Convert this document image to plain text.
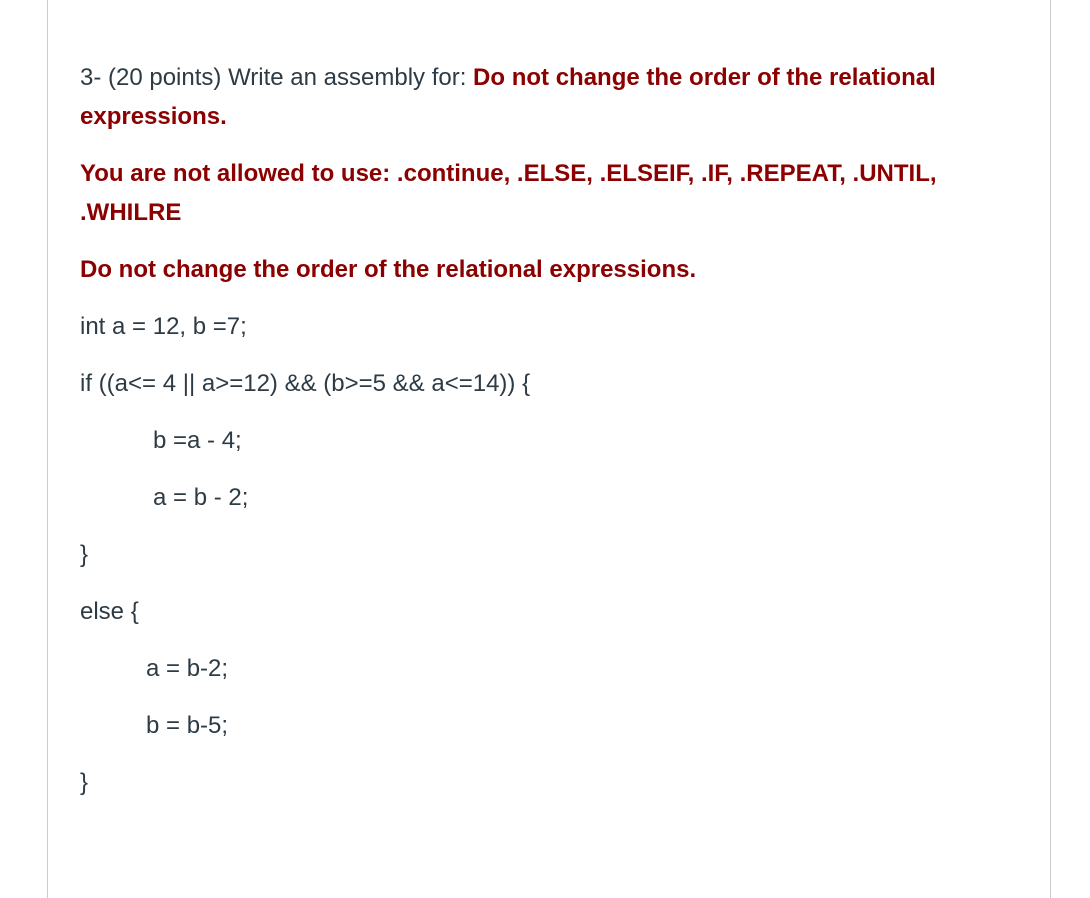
3- (20 points) Write an assembly for: Do not change the order of the relational

expressions.

You are not allowed to use: .continue, .ELSE, .ELSEIF, .IF, .REPEAT, .UNTIL,

.WHILRE

Do not change the order of the relational expressions.

int a = 12, b =7;

if ((a<= 4 || a>=12) && (b>=5 && a<=14)) {

b =a - 4;

a = b - 2;

}

else {

a = b-2;

b = b-5;

}
